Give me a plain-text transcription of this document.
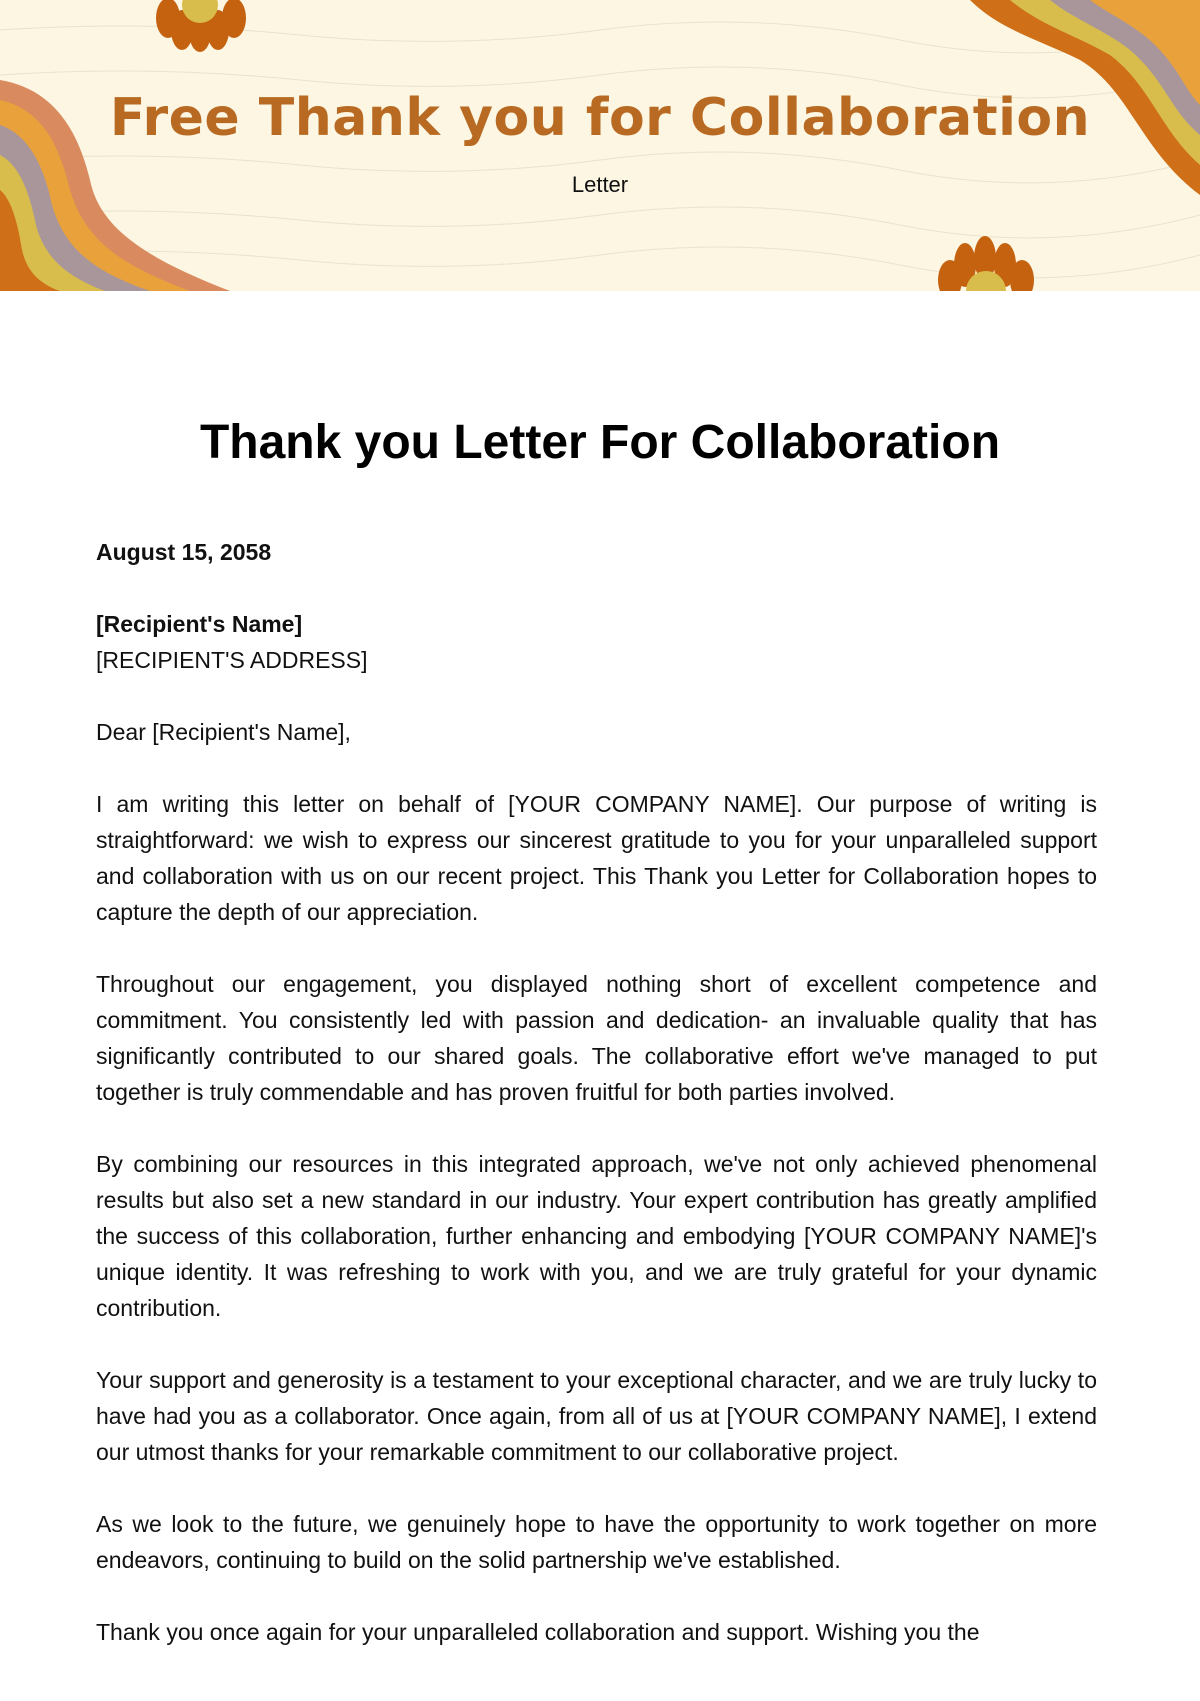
Free Thank you for Collaboration
Letter
Thank you Letter For Collaboration

August 15, 2058

[Recipient's Name]

[RECIPIENT'S ADDRESS]

Dear [Recipient's Name],

I am writing this letter on behalf of [YOUR COMPANY NAME]. Our purpose of writing is straightforward: we wish to express our sincerest gratitude to you for your unparalleled support and collaboration with us on our recent project. This Thank you Letter for Collaboration hopes to capture the depth of our appreciation.

Throughout our engagement, you displayed nothing short of excellent competence and commitment. You consistently led with passion and dedication- an invaluable quality that has significantly contributed to our shared goals. The collaborative effort we've managed to put together is truly commendable and has proven fruitful for both parties involved.

By combining our resources in this integrated approach, we've not only achieved phenomenal results but also set a new standard in our industry. Your expert contribution has greatly amplified the success of this collaboration, further enhancing and embodying [YOUR COMPANY NAME]'s unique identity. It was refreshing to work with you, and we are truly grateful for your dynamic contribution.

Your support and generosity is a testament to your exceptional character, and we are truly lucky to have had you as a collaborator. Once again, from all of us at [YOUR COMPANY NAME], I extend our utmost thanks for your remarkable commitment to our collaborative project.

As we look to the future, we genuinely hope to have the opportunity to work together on more endeavors, continuing to build on the solid partnership we've established.

Thank you once again for your unparalleled collaboration and support. Wishing you the
